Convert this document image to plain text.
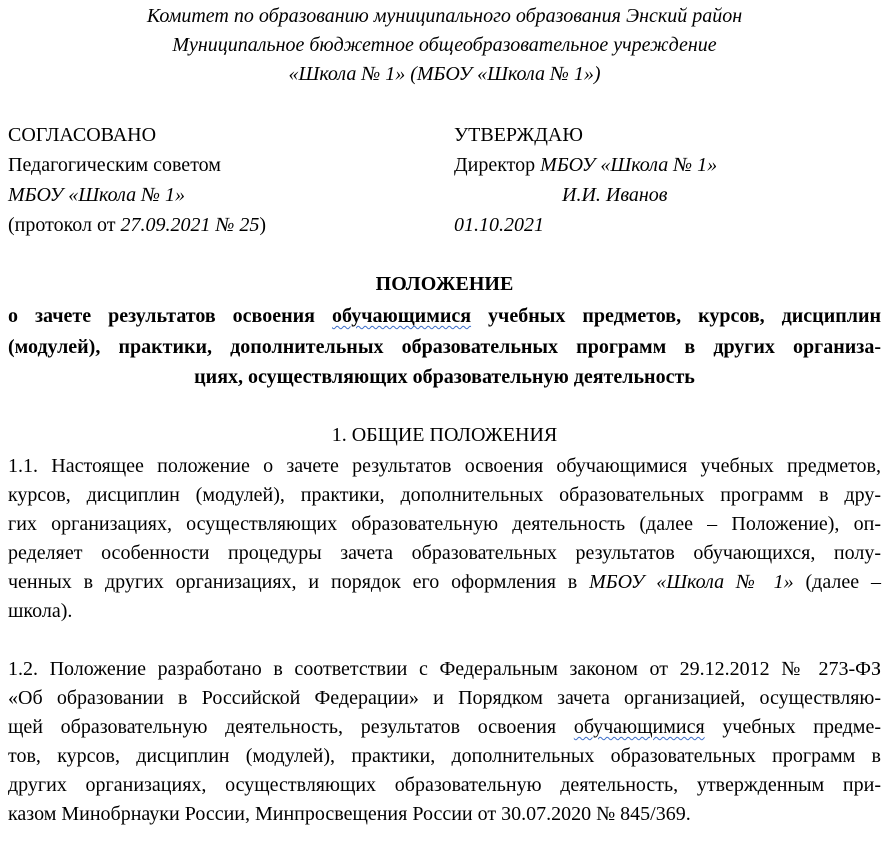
Комитет по образованию муниципального образования Энский район
Муниципальное бюджетное общеобразовательное учреждение
«Школа № 1» (МБОУ «Школа № 1»)
СОГЛАСОВАНО
Педагогическим советом
МБОУ «Школа № 1»
(протокол от 27.09.2021 № 25)
УТВЕРЖДАЮ
Директор МБОУ «Школа № 1»
И.И. Иванов
01.10.2021
ПОЛОЖЕНИЕ
о зачете результатов освоения обучающимися учебных предметов, курсов, дисциплин
(модулей), практики, дополнительных образовательных программ в других организа-
циях, осуществляющих образовательную деятельность
1. ОБЩИЕ ПОЛОЖЕНИЯ
1.1. Настоящее положение о зачете результатов освоения обучающимися учебных предметов,
курсов, дисциплин (модулей), практики, дополнительных образовательных программ в дру-
гих организациях, осуществляющих образовательную деятельность (далее – Положение), оп-
ределяет особенности процедуры зачета образовательных результатов обучающихся, полу-
ченных в других организациях, и порядок его оформления в МБОУ «Школа № 1» (далее –
школа).
1.2. Положение разработано в соответствии с Федеральным законом от 29.12.2012 № 273-ФЗ
«Об образовании в Российской Федерации» и Порядком зачета организацией, осуществляю-
щей образовательную деятельность, результатов освоения обучающимися учебных предме-
тов, курсов, дисциплин (модулей), практики, дополнительных образовательных программ в
других организациях, осуществляющих образовательную деятельность, утвержденным при-
казом Минобрнауки России, Минпросвещения России от 30.07.2020 № 845/369.
